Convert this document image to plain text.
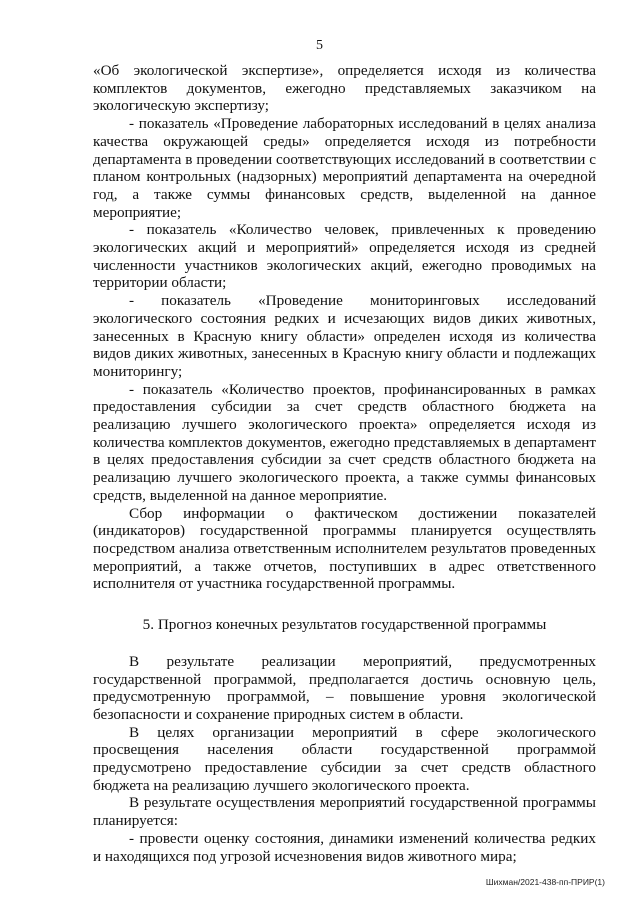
5

«Об экологической экспертизе», определяется исходя из количества комплектов документов, ежегодно представляемых заказчиком на экологическую экспертизу;

- показатель «Проведение лабораторных исследований в целях анализа качества окружающей среды» определяется исходя из потребности департамента в проведении соответствующих исследований в соответствии с планом контрольных (надзорных) мероприятий департамента на очередной год, а также суммы финансовых средств, выделенной на данное мероприятие;

- показатель «Количество человек, привлеченных к проведению экологических акций и мероприятий» определяется исходя из средней численности участников экологических акций, ежегодно проводимых на территории области;

- показатель «Проведение мониторинговых исследований экологического состояния редких и исчезающих видов диких животных, занесенных в Красную книгу области» определен исходя из количества видов диких животных, занесенных в Красную книгу области и подлежащих мониторингу;

- показатель «Количество проектов, профинансированных в рамках предоставления субсидии за счет средств областного бюджета на реализацию лучшего экологического проекта» определяется исходя из количества комплектов документов, ежегодно представляемых в департамент в целях предоставления субсидии за счет средств областного бюджета на реализацию лучшего экологического проекта, а также суммы финансовых средств, выделенной на данное мероприятие.

Сбор информации о фактическом достижении показателей (индикаторов) государственной программы планируется осуществлять посредством анализа ответственным исполнителем результатов проведенных мероприятий, а также отчетов, поступивших в адрес ответственного исполнителя от участника государственной программы.

5. Прогноз конечных результатов государственной программы

В результате реализации мероприятий, предусмотренных государственной программой, предполагается достичь основную цель, предусмотренную программой, – повышение уровня экологической безопасности и сохранение природных систем в области.

В целях организации мероприятий в сфере экологического просвещения населения области государственной программой предусмотрено предоставление субсидии за счет средств областного бюджета на реализацию лучшего экологического проекта.

В результате осуществления мероприятий государственной программы планируется:

- провести оценку состояния, динамики изменений количества редких и находящихся под угрозой исчезновения видов животного мира;

Шихман/2021-438-пп-ПРИР(1)
